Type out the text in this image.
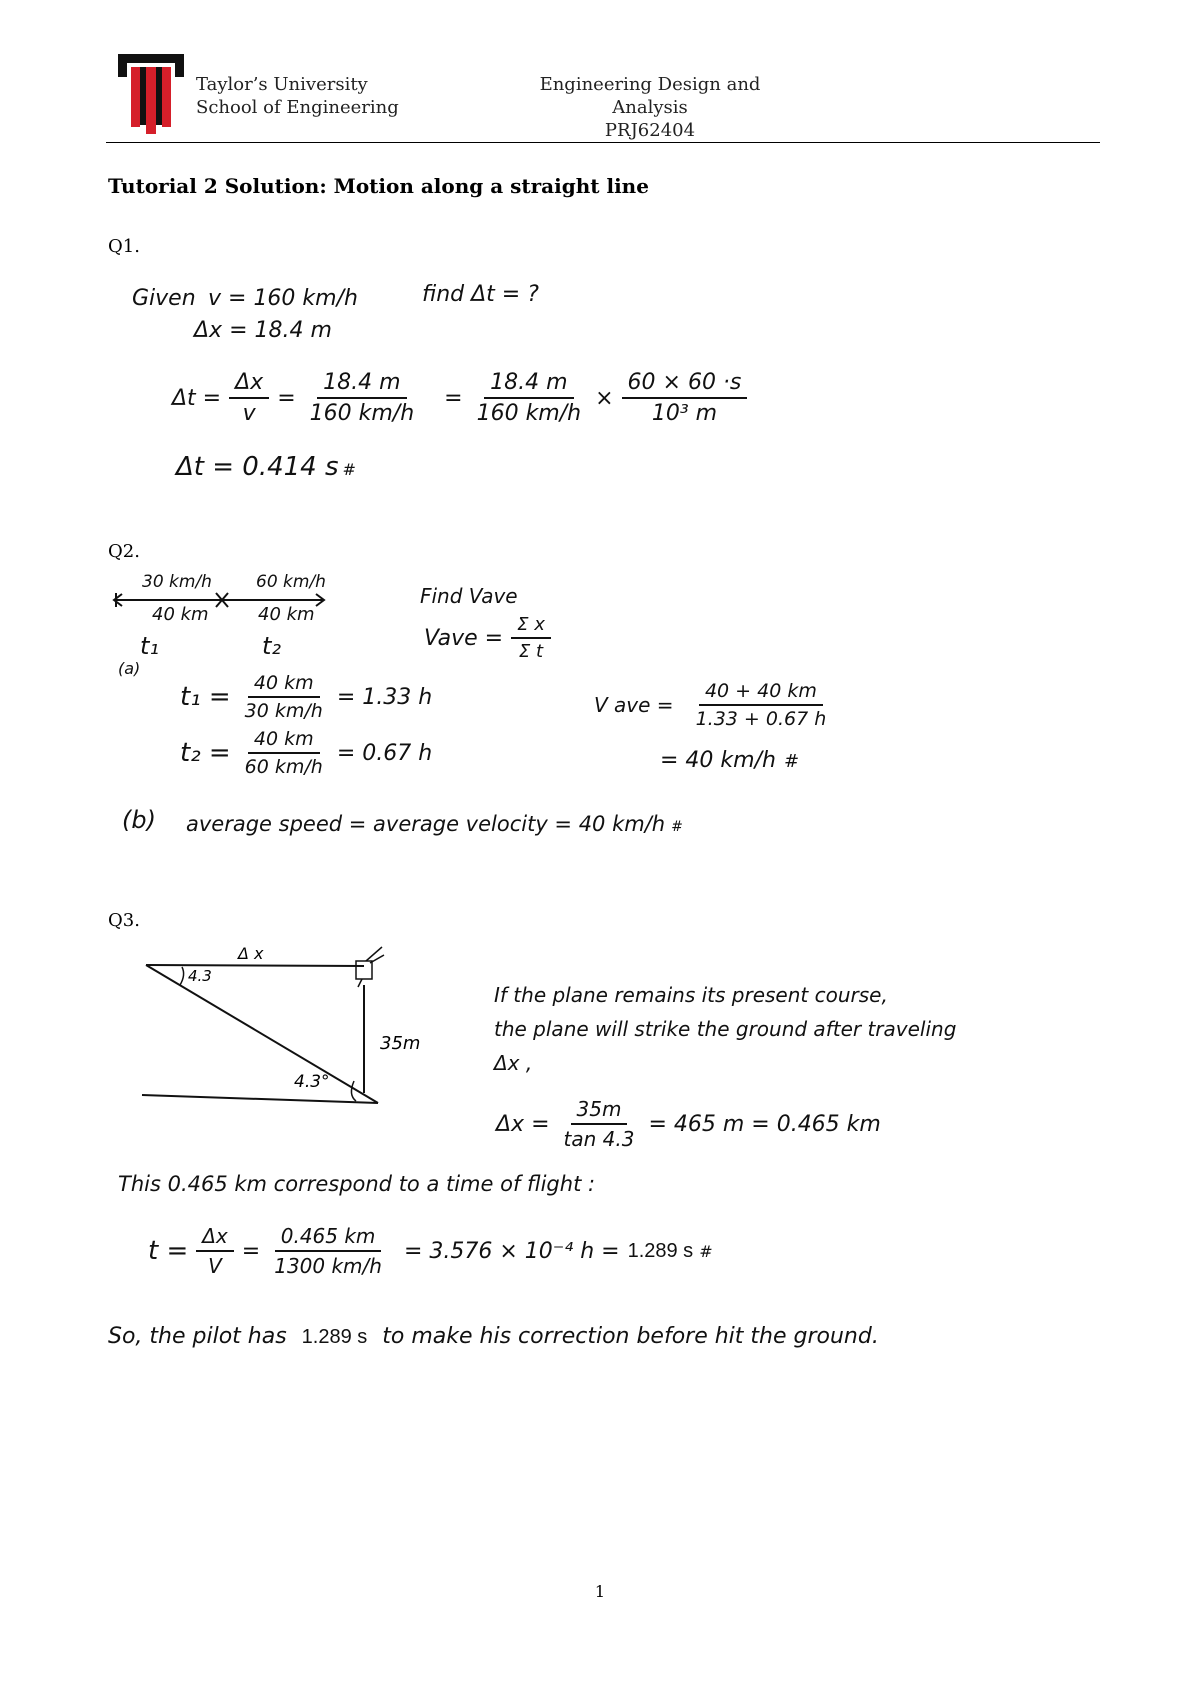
Taylor’s University
School of Engineering
Engineering Design and Analysis
PRJ62404
Tutorial 2 Solution: Motion along a straight line
Q1.
Given v = 160 km/h	find Δt = ?
Δx = 18.4 m
$\Delta t = \frac{\Delta x}{v} = \frac{18.4 m}{160 km/h} = \frac{18.4 m}{160 km/h} \times \frac{60 \times 60 \cdot s}{\text{10³ m}}$
Δt = 0.414 s #
Q2.
30 km/h	60 km/h
40 km	40 km
t₁	t₂
(a)
Find Vave
Vave = $\frac{\text{Σ x}}{\text{Σ t}}$
$t_1 = \frac{40 km}{30 km/h} = 1.33$ h
$t_2 = \frac{40 km}{60 km/h} = 0.67$ h
V ave = $\frac{40 + 40 km}{1.33 + 0.67 h}$
= 40 km/h #
(b) average speed = average velocity = 40 km/h #
Q3.
Δ x
4.3
35m
4.3°
If the plane remains its present course,
the plane will strike the ground after traveling
Δx ,
$\Delta x = \frac{35m}{\tan 4.3} = 465$ m = 0.465 km
This 0.465 km correspond to a time of flight :
$t = \frac{\Delta x}{V} = \frac{0.465 km}{1300 km/h} = 3.576 \times 10^{-4}$ h = 1.289 s #
So, the pilot has 1.289 s to make his correction before hit the ground.
1
